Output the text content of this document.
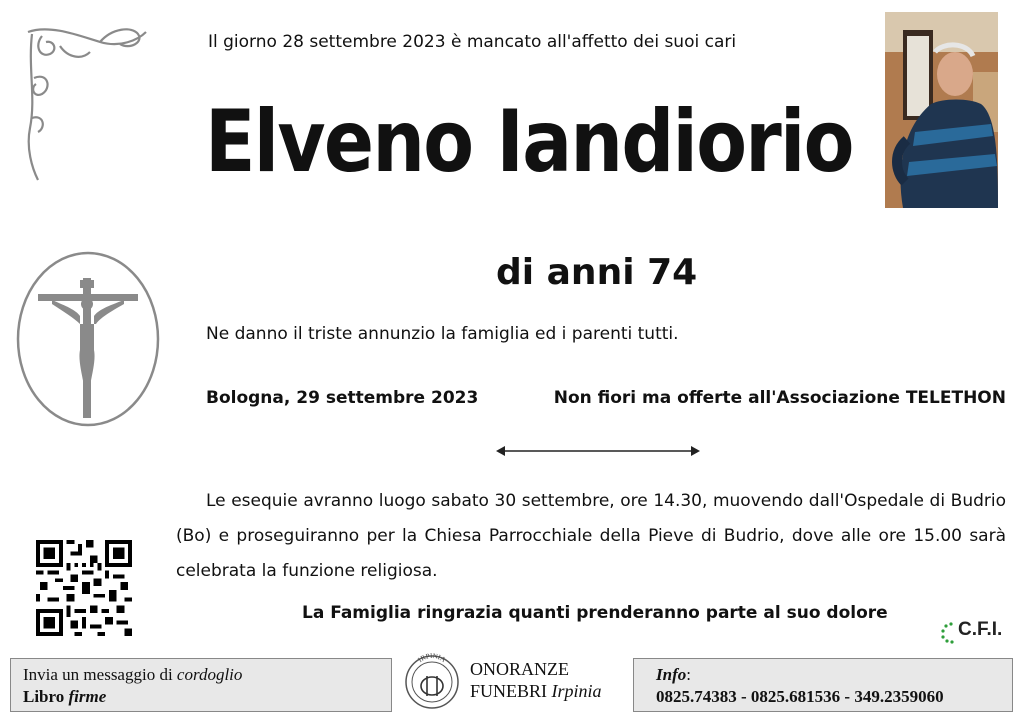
Il giorno 28 settembre 2023 è mancato all'affetto dei suoi cari
Elveno Iandiorio
di anni 74
Ne danno il triste annunzio la famiglia ed i parenti tutti.
Bologna, 29 settembre 2023	Non fiori ma offerte all'Associazione TELETHON
Le esequie avranno luogo sabato 30 settembre, ore 14.30, muovendo dall'Ospedale di Budrio (Bo) e proseguiranno per la Chiesa Parrocchiale della Pieve di Budrio, dove alle ore 15.00 sarà celebrata la funzione religiosa.
La Famiglia ringrazia quanti prenderanno parte al suo dolore
C.F.I.
Invia un messaggio di cordoglio
Libro firme
IRPINIA ONORANZE
FUNEBRI Irpinia
Info:
0825.74383 - 0825.681536 - 349.2359060
